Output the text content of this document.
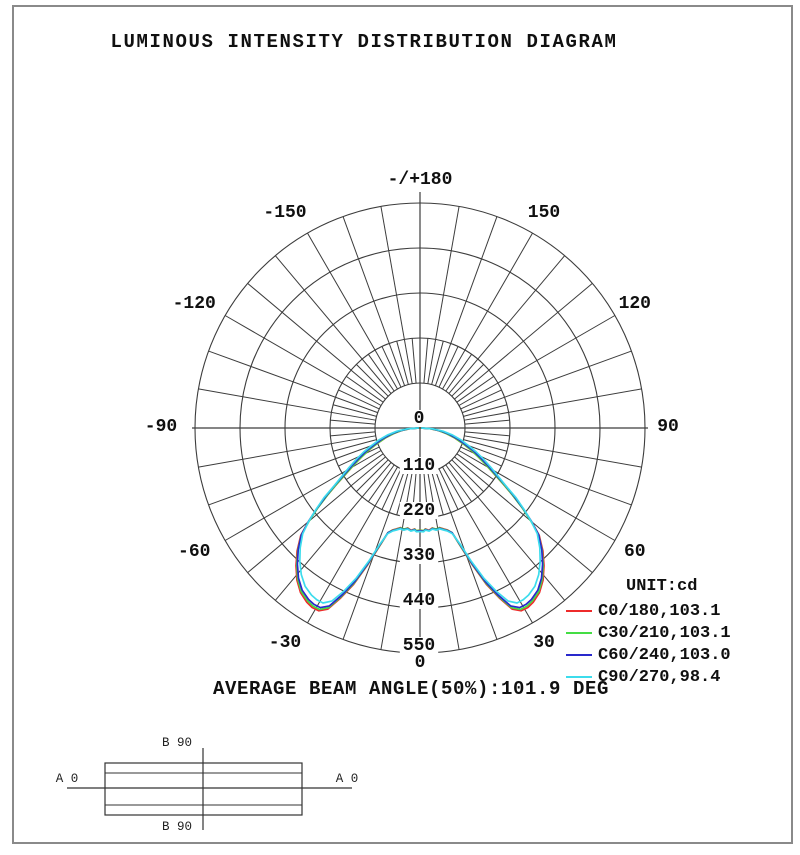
LUMINOUS INTENSITY DISTRIBUTION DIAGRAM
0
110
220
330
440
550
0
30
-30
60
-60
90
-90
120
-120
150
-150
-/+180
A 0	A 0
B 90
B 90
UNIT:cd
C0/180,103.1
C30/210,103.1
C60/240,103.0
C90/270,98.4
AVERAGE BEAM ANGLE(50%):101.9 DEG
